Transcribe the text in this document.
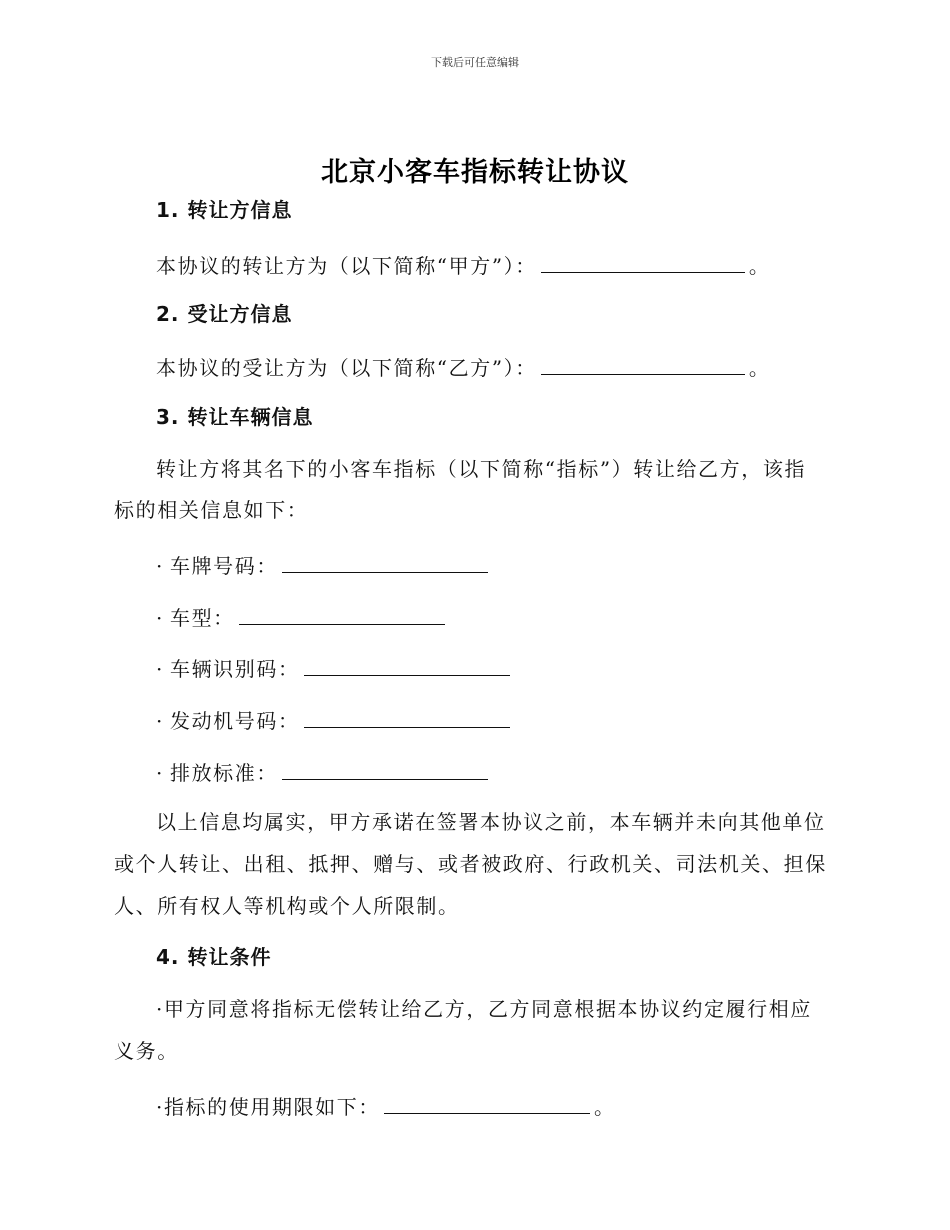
下载后可任意编辑
北京小客车指标转让协议
1. 转让方信息
本协议的转让方为（以下简称“甲方”）：	。
2. 受让方信息
本协议的受让方为（以下简称“乙方”）：	。
3. 转让车辆信息
转让方将其名下的小客车指标（以下简称“指标”）转让给乙方，该指
标的相关信息如下：
· 车牌号码：
· 车型：
· 车辆识别码：
· 发动机号码：
· 排放标准：
以上信息均属实，甲方承诺在签署本协议之前，本车辆并未向其他单位
或个人转让、出租、抵押、赠与、或者被政府、行政机关、司法机关、担保
人、所有权人等机构或个人所限制。
4. 转让条件
·甲方同意将指标无偿转让给乙方，乙方同意根据本协议约定履行相应
义务。
·指标的使用期限如下：	。
